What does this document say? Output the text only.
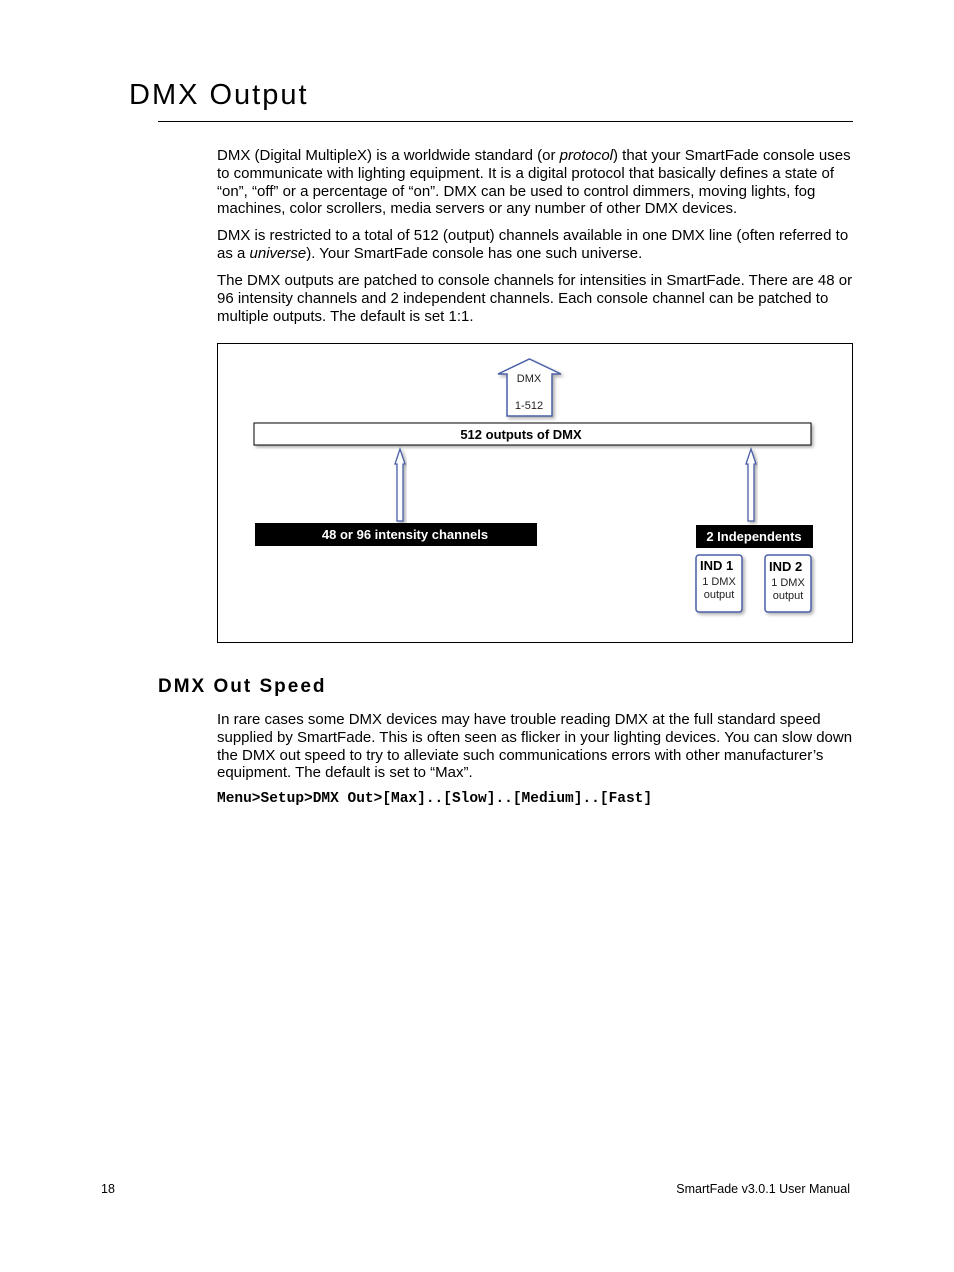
DMX Output

DMX (Digital MultipleX) is a worldwide standard (or protocol) that your SmartFade console uses to communicate with lighting equipment. It is a digital protocol that basically defines a state of “on”, “off” or a percentage of “on”. DMX can be used to control dimmers, moving lights, fog machines, color scrollers, media servers or any number of other DMX devices.

DMX is restricted to a total of 512 (output) channels available in one DMX line (often referred to as a universe). Your SmartFade console has one such universe.

The DMX outputs are patched to console channels for intensities in SmartFade. There are 48 or 96 intensity channels and 2 independent channels. Each console channel can be patched to multiple outputs. The default is set 1:1.

DMX
1-512
512 outputs of DMX
48 or 96 intensity channels	2 Independents
IND 1
1 DMX
output
IND 2
1 DMX
output
DMX Out Speed

In rare cases some DMX devices may have trouble reading DMX at the full standard speed supplied by SmartFade. This is often seen as flicker in your lighting devices. You can slow down the DMX out speed to try to alleviate such communications errors with other manufacturer’s equipment. The default is set to “Max”.

Menu>Setup>DMX Out>[Max]..[Slow]..[Medium]..[Fast]

18	SmartFade v3.0.1 User Manual
